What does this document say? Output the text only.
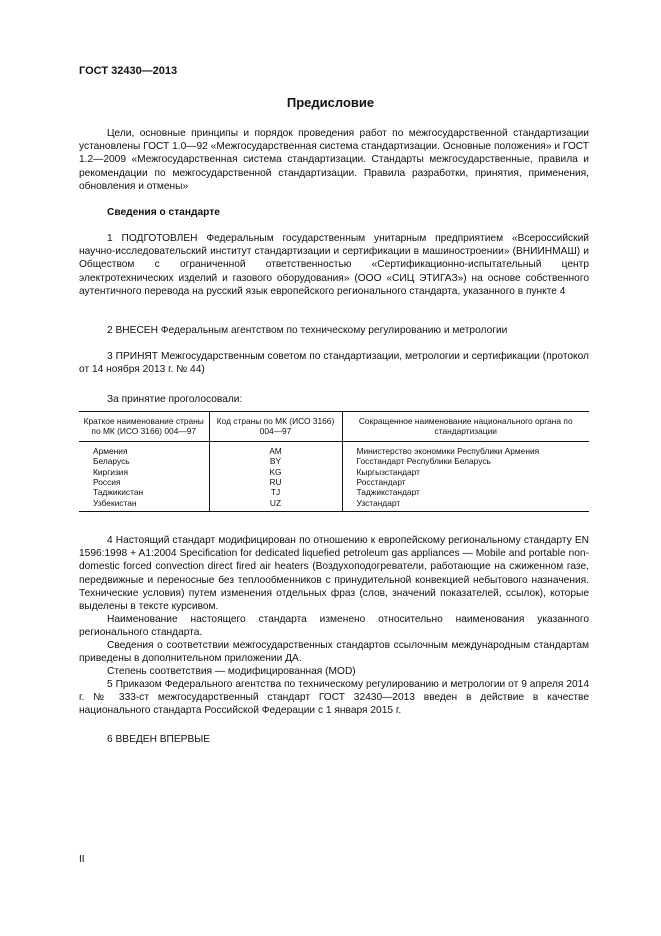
ГОСТ 32430—2013
Предисловие
Цели, основные принципы и порядок проведения работ по межгосударственной стандартизации установлены ГОСТ 1.0—92 «Межгосударственная система стандартизации. Основные положения» и ГОСТ 1.2—2009 «Межгосударственная система стандартизации. Стандарты межгосударственные, правила и рекомендации по межгосударственной стандартизации. Правила разработки, принятия, применения, обновления и отмены»
Сведения о стандарте
1 ПОДГОТОВЛЕН Федеральным государственным унитарным предприятием «Всероссийский научно-исследовательский институт стандартизации и сертификации в машиностроении» (ВНИИНМАШ) и Обществом с ограниченной ответственностью «Сертификационно-испытательный центр электротехнических изделий и газового оборудования» (ООО «СИЦ ЭТИГАЗ») на основе собственного аутентичного перевода на русский язык европейского регионального стандарта, указанного в пункте 4
2 ВНЕСЕН Федеральным агентством по техническому регулированию и метрологии
3 ПРИНЯТ Межгосударственным советом по стандартизации, метрологии и сертификации (протокол от 14 ноября 2013 г. № 44)
За принятие проголосовали:
Краткое наименование страны по МК (ИСО 3166) 004—97	Код страны по МК (ИСО 3166) 004—97	Сокращенное наименование национального органа по стандартизации
Армения	AM	Министерство экономики Республики Армения
Беларусь	BY	Госстандарт Республики Беларусь
Киргизия	KG	Кыргызстандарт
Россия	RU	Росстандарт
Таджикистан	TJ	Таджикстандарт
Узбекистан	UZ	Узстандарт
4 Настоящий стандарт модифицирован по отношению к европейскому региональному стандарту EN 1596:1998 + A1:2004 Specification for dedicated liquefied petroleum gas appliances — Mobile and portable non-domestic forced convection direct fired air heaters (Воздухоподогреватели, работающие на сжиженном газе, передвижные и переносные без теплообменников с принудительной конвекцией небытового назначения. Технические условия) путем изменения отдельных фраз (слов, значений показателей, ссылок), которые выделены в тексте курсивом.
Наименование настоящего стандарта изменено относительно наименования указанного регионального стандарта.
Сведения о соответствии межгосударственных стандартов ссылочным международным стандартам приведены в дополнительном приложении ДА.
Степень соответствия — модифицированная (MOD)
5 Приказом Федерального агентства по техническому регулированию и метрологии от 9 апреля 2014 г. № 333-ст межгосударственный стандарт ГОСТ 32430—2013 введен в действие в качестве национального стандарта Российской Федерации с 1 января 2015 г.
6 ВВЕДЕН ВПЕРВЫЕ
II
